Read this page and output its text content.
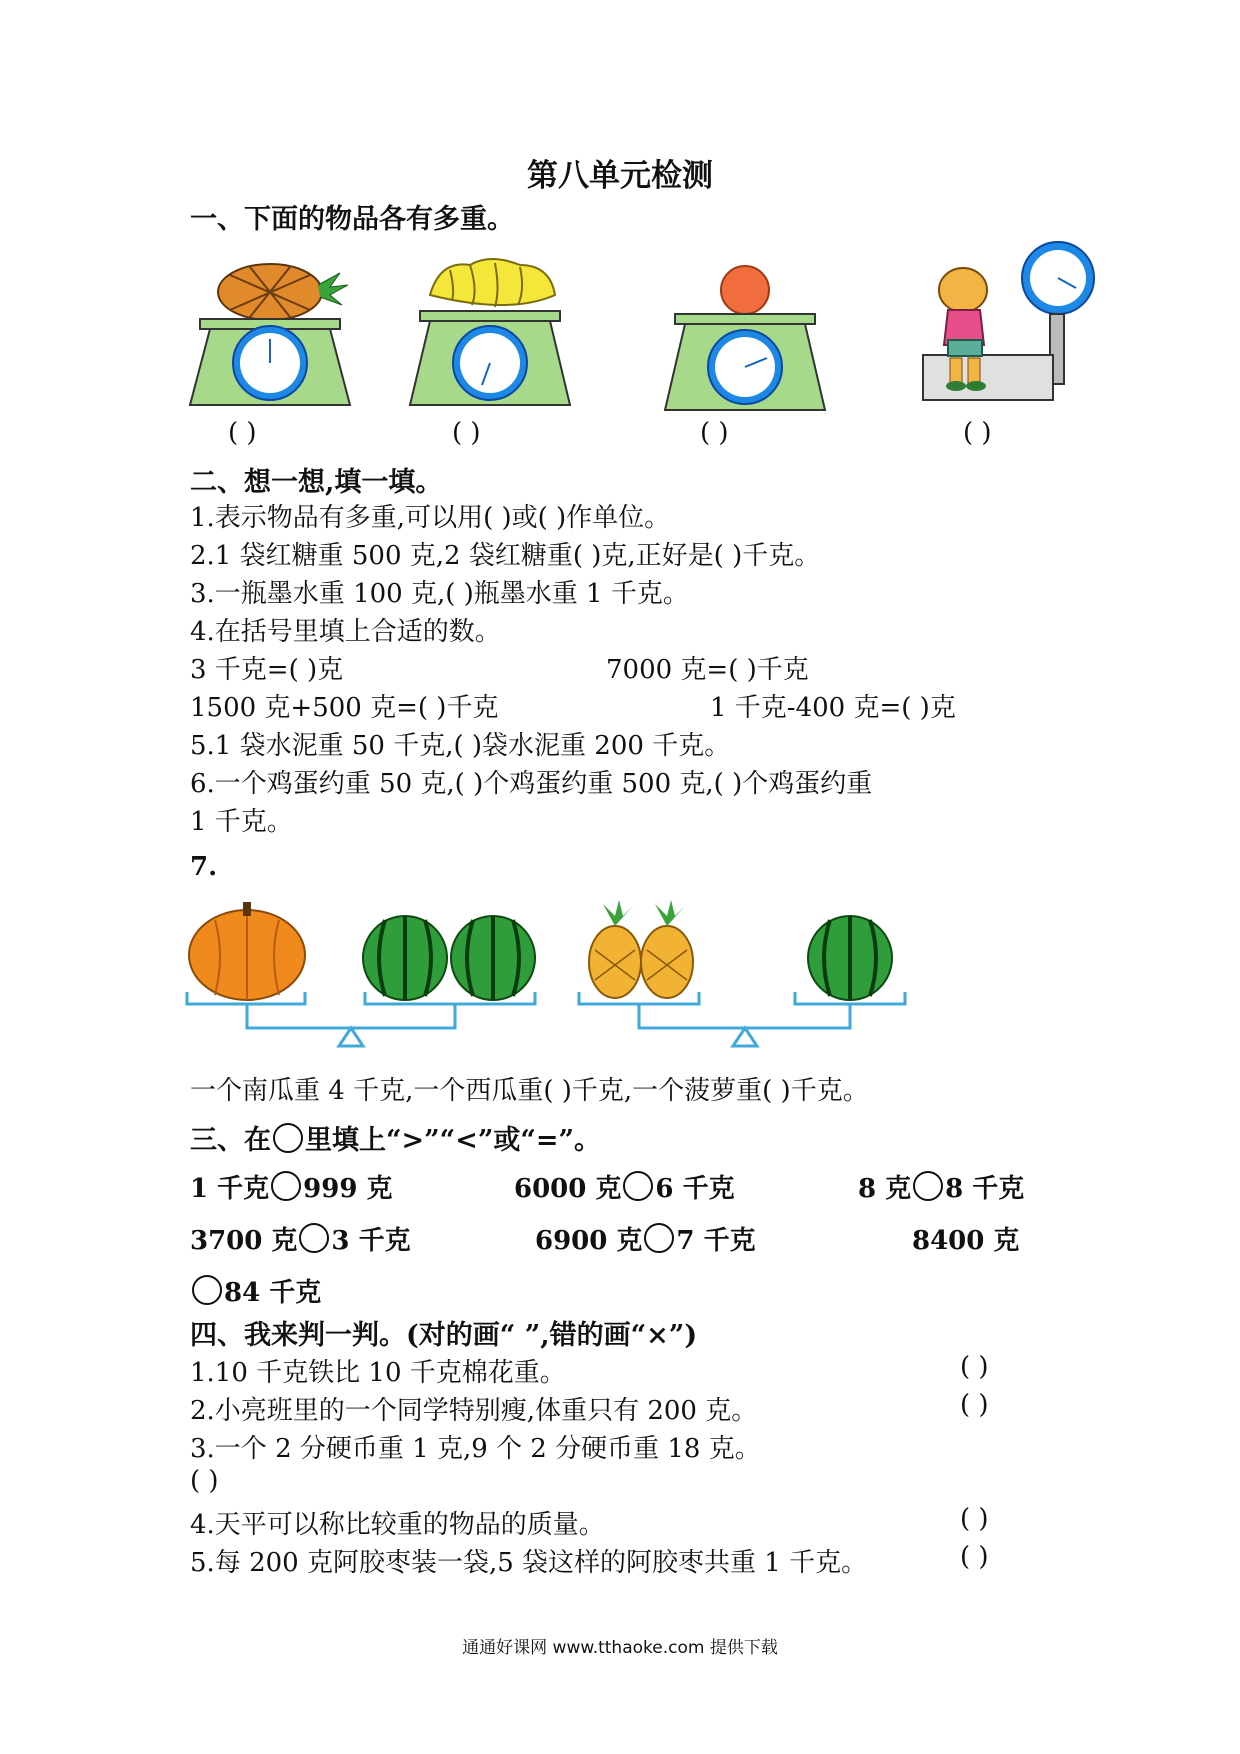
第八单元检测
一、下面的物品各有多重。
( )	( )	( )	( )
二、想一想,填一填。
1.表示物品有多重,可以用( )或( )作单位。
2.1 袋红糖重 500 克,2 袋红糖重( )克,正好是( )千克。
3.一瓶墨水重 100 克,( )瓶墨水重 1 千克。
4.在括号里填上合适的数。
3 千克=( )克	7000 克=( )千克
1500 克+500 克=( )千克	1 千克-400 克=( )克
5.1 袋水泥重 50 千克,( )袋水泥重 200 千克。
6.一个鸡蛋约重 50 克,( )个鸡蛋约重 500 克,( )个鸡蛋约重
1 千克。
7.
一个南瓜重 4 千克,一个西瓜重( )千克,一个菠萝重( )千克。
三、在 里填上“>”“<”或“=”。
1 千克 999 克	6000 克 6 千克	8 克 8 千克
3700 克 3 千克	6900 克 7 千克	8400 克
84 千克
四、我来判一判。(对的画“ ”,错的画“×”)
1.10 千克铁比 10 千克棉花重。	( )
2.小亮班里的一个同学特别瘦,体重只有 200 克。	( )
3.一个 2 分硬币重 1 克,9 个 2 分硬币重 18 克。
( )
4.天平可以称比较重的物品的质量。	( )
5.每 200 克阿胶枣装一袋,5 袋这样的阿胶枣共重 1 千克。	( )
通通好课网 www.tthaoke.com 提供下载
